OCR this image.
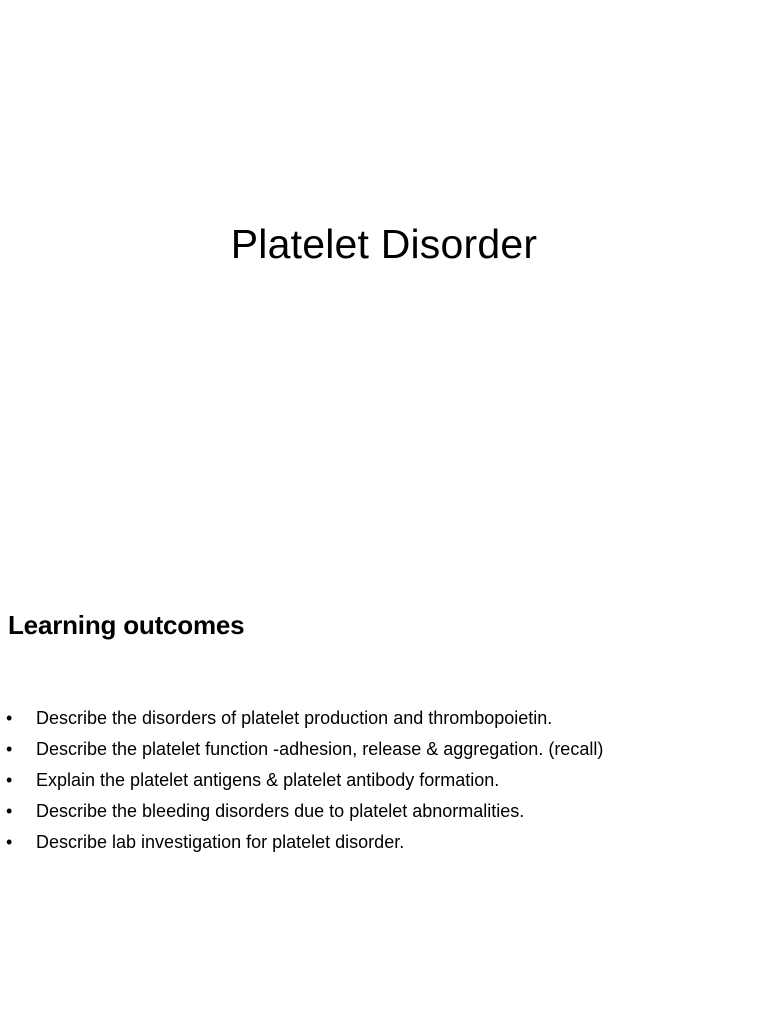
Platelet Disorder
Learning outcomes
• Describe the disorders of platelet production and thrombopoietin.
• Describe the platelet function -adhesion, release & aggregation. (recall)
• Explain the platelet antigens & platelet antibody formation.
• Describe the bleeding disorders due to platelet abnormalities.
• Describe lab investigation for platelet disorder.
